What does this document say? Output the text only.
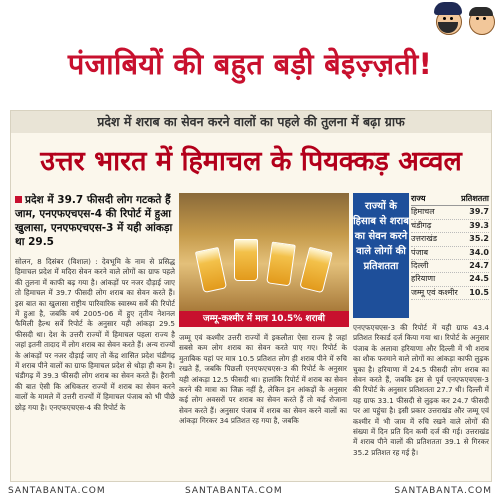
पंजाबियों की बहुत बड़ी बेइज़्ज़ती!
प्रदेश में शराब का सेवन करने वालों का पहले की तुलना में बढ़ा ग्राफ
उत्तर भारत में हिमाचल के पियक्कड़ अव्वल
प्रदेश में 39.7 फीसदी लोग गटकते हैं जाम, एनएफएचएस-4 की रिपोर्ट में हुआ खुलासा, एनएफएचएस-3 में यही आंकड़ा था 29.5
सोलन, 8 दिसंबर (विशाल) : देवभूमि के नाम से प्रसिद्ध हिमाचल प्रदेश में मदिरा सेवन करने वाले लोगों का ग्राफ पहले की तुलना में काफी बढ़ गया है। आंकड़ों पर नजर दौड़ाई जाए तो हिमाचल में 39.7 फीसदी लोग शराब का सेवन करते हैं। इस बात का खुलासा राष्ट्रीय पारिवारिक स्वास्थ्य सर्वे की रिपोर्ट में हुआ है, जबकि वर्ष 2005-06 में हुए तृतीय नेशनल फैमिली हैल्थ सर्वे रिपोर्ट के अनुसार यही आंकड़ा 29.5 फीसदी था। देश के उत्तरी राज्यों में हिमाचल पहला राज्य है जहां इतनी तादाद में लोग शराब का सेवन करते हैं। अन्य राज्यों के आंकड़ों पर नजर दौड़ाई जाए तो केंद्र शासित प्रदेश चंडीगढ़ में शराब पीने वालों का ग्राफ हिमाचल प्रदेश से थोड़ा ही कम है। चंडीगढ़ में 39.3 फीसदी लोग शराब का सेवन करते हैं। हैरानी की बात ऐसी कि अधिकतर राज्यों में शराब का सेवन करने वालों के मामले में उत्तरी राज्यों में हिमाचल पंजाब को भी पीछे छोड़ गया है। एनएफएचएस-4 की रिपोर्ट के
जम्मू-कश्मीर में मात्र 10.5% शराबी
जम्मू एवं कश्मीर उत्तरी राज्यों में इकलौता ऐसा राज्य है जहां सबसे कम लोग शराब का सेवन करते पाए गए। रिपोर्ट के मुताबिक यहां पर मात्र 10.5 प्रतिशत लोग ही शराब पीने में रुचि रखते हैं, जबकि पिछली एनएफएचएस-3 की रिपोर्ट के अनुसार यही आंकड़ा 12.5 फीसदी था। हालांकि रिपोर्ट में शराब का सेवन करने की मात्रा का जिक्र नहीं है, लेकिन इन आंकड़ों के अनुसार कई लोग अवसरों पर शराब का सेवन करते हैं तो कई रोजाना सेवन करते हैं। अनुसार पंजाब में शराब का सेवन करने वालों का आंकड़ा गिरकर 34 प्रतिशत रह गया है, जबकि
राज्यों के हिसाब से शराब का सेवन करने वाले लोगों की प्रतिशतता
राज्य	प्रतिशतता
हिमाचल	39.7
चंडीगढ़	39.3
उत्तराखंड	35.2
पंजाब	34.0
दिल्ली	24.7
हरियाणा	24.5
जम्मू एवं कश्मीर 10.5
एनएफएचएस-3 की रिपोर्ट में यही ग्राफ 43.4 प्रतिशत रिकार्ड दर्ज किया गया था। रिपोर्ट के अनुसार पंजाब के अलावा हरियाणा और दिल्ली में भी शराब का शौक फरमाने वाले लोगों का आंकड़ा काफी लुढ़क चुका है। हरियाणा में 24.5 फीसदी लोग शराब का सेवन करते हैं, जबकि इस से पूर्व एनएफएचएस-3 की रिपोर्ट के अनुसार प्रतिशतता 27.7 थी। दिल्ली में यह ग्राफ 33.1 फीसदी से लुढ़क कर 24.7 फीसदी पर आ पहुंचा है। इसी प्रकार उत्तराखंड और जम्मू एवं कश्मीर में भी जाम में रुचि रखने वाले लोगों की संख्या में दिन प्रति दिन कमी दर्ज की गई। उत्तराखंड में शराब पीने वालों की प्रतिशतता 39.1 से गिरकर 35.2 प्रतिशत रह गई है।
SANTABANTA.COM	SANTABANTA.COM	SANTABANTA.COM
